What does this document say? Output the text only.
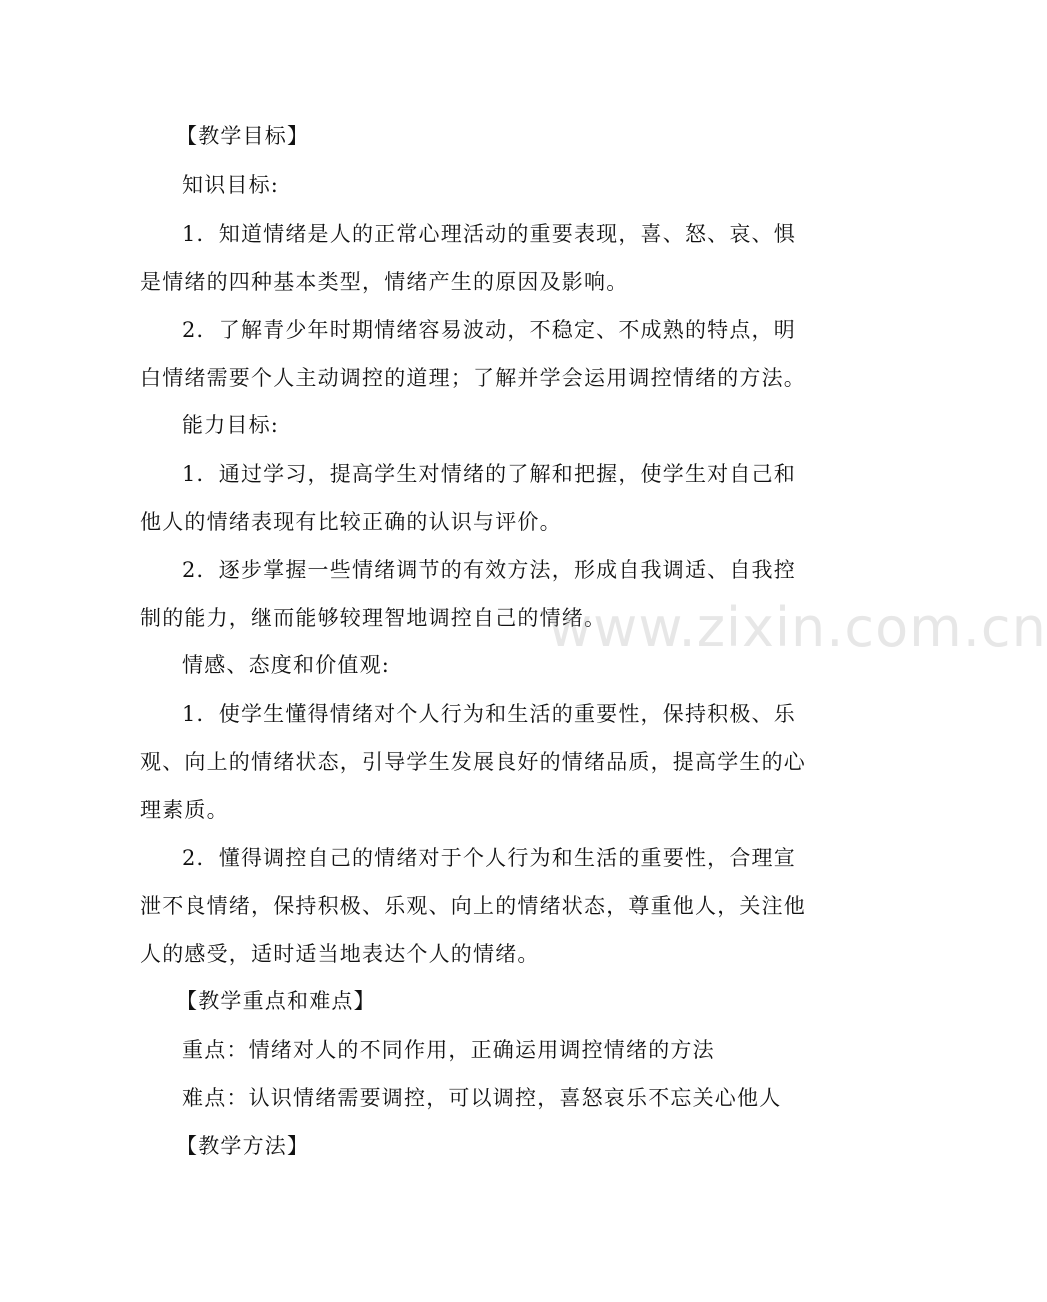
【教学目标】
知识目标:
1．知道情绪是人的正常心理活动的重要表现，喜、怒、哀、惧
是情绪的四种基本类型，情绪产生的原因及影响。
2．了解青少年时期情绪容易波动，不稳定、不成熟的特点，明
白情绪需要个人主动调控的道理；了解并学会运用调控情绪的方法。
能力目标:
1．通过学习，提高学生对情绪的了解和把握，使学生对自己和
他人的情绪表现有比较正确的认识与评价。
2．逐步掌握一些情绪调节的有效方法，形成自我调适、自我控
制的能力，继而能够较理智地调控自己的情绪。
情感、态度和价值观:
1．使学生懂得情绪对个人行为和生活的重要性，保持积极、乐
观、向上的情绪状态，引导学生发展良好的情绪品质，提高学生的心
理素质。
2．懂得调控自己的情绪对于个人行为和生活的重要性，合理宣
泄不良情绪，保持积极、乐观、向上的情绪状态，尊重他人，关注他
人的感受，适时适当地表达个人的情绪。
【教学重点和难点】
重点：情绪对人的不同作用，正确运用调控情绪的方法
难点：认识情绪需要调控，可以调控，喜怒哀乐不忘关心他人
【教学方法】
www.zixin.com.cn
